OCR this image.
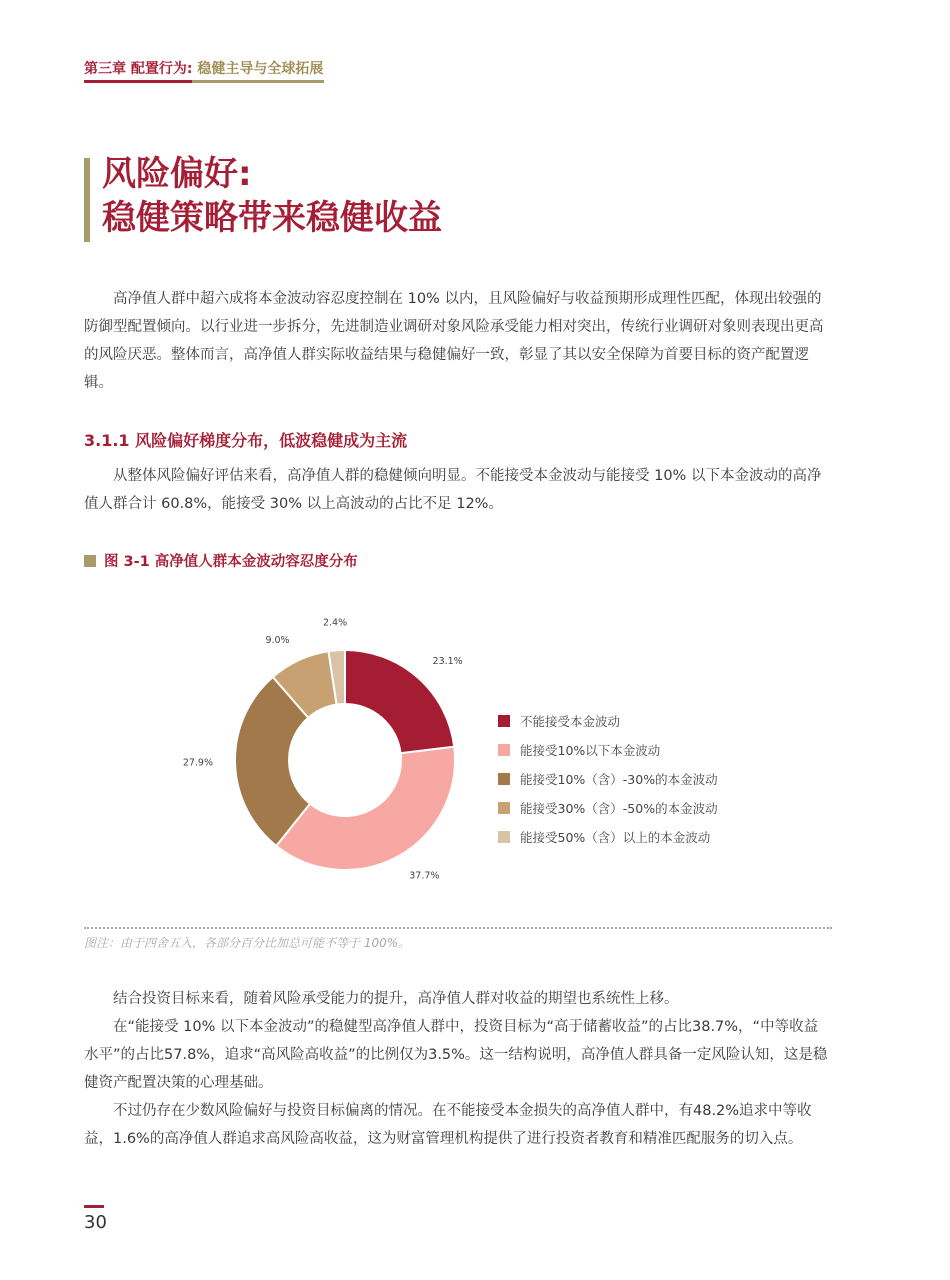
第三章 配置行为: 稳健主导与全球拓展
风险偏好:
稳健策略带来稳健收益

高净值人群中超六成将本金波动容忍度控制在 10% 以内，且风险偏好与收益预期形成理性匹配，体现出较强的防御型配置倾向。以行业进一步拆分，先进制造业调研对象风险承受能力相对突出，传统行业调研对象则表现出更高的风险厌恶。整体而言，高净值人群实际收益结果与稳健偏好一致，彰显了其以安全保障为首要目标的资产配置逻辑。

3.1.1 风险偏好梯度分布，低波稳健成为主流

从整体风险偏好评估来看，高净值人群的稳健倾向明显。不能接受本金波动与能接受 10% 以下本金波动的高净值人群合计 60.8%，能接受 30% 以上高波动的占比不足 12%。

图 3-1 高净值人群本金波动容忍度分布
23.1%
37.7%
27.9%
9.0%
2.4%
不能接受本金波动
能接受10%以下本金波动
能接受10%（含）-30%的本金波动
能接受30%（含）-50%的本金波动
能接受50%（含）以上的本金波动
图注：由于四舍五入，各部分百分比加总可能不等于 100%。

结合投资目标来看，随着风险承受能力的提升，高净值人群对收益的期望也系统性上移。

在“能接受 10% 以下本金波动”的稳健型高净值人群中，投资目标为“高于储蓄收益”的占比38.7%，“中等收益水平”的占比57.8%，追求“高风险高收益”的比例仅为3.5%。这一结构说明，高净值人群具备一定风险认知，这是稳健资产配置决策的心理基础。

不过仍存在少数风险偏好与投资目标偏离的情况。在不能接受本金损失的高净值人群中，有48.2%追求中等收益，1.6%的高净值人群追求高风险高收益，这为财富管理机构提供了进行投资者教育和精准匹配服务的切入点。

30
